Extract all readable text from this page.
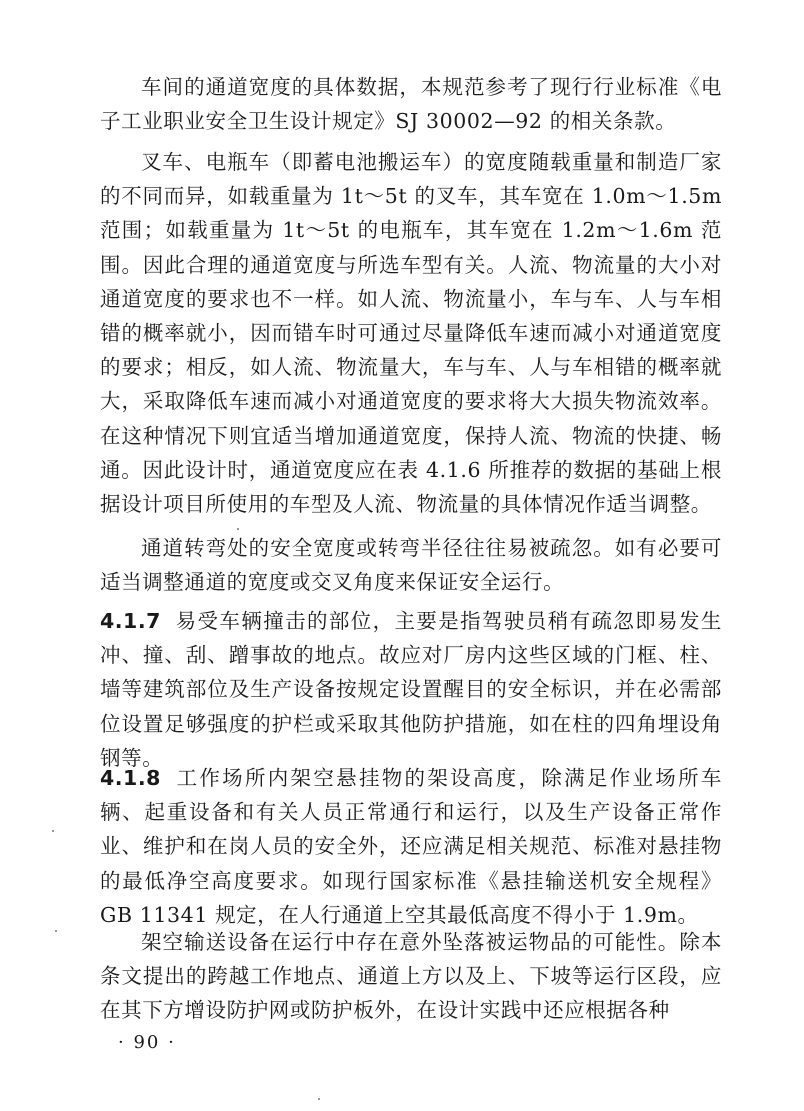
车间的通道宽度的具体数据，本规范参考了现行行业标准《电子工业职业安全卫生设计规定》SJ 30002—92 的相关条款。

叉车、电瓶车（即蓄电池搬运车）的宽度随载重量和制造厂家的不同而异，如载重量为 1t～5t 的叉车，其车宽在 1.0m～1.5m 范围；如载重量为 1t～5t 的电瓶车，其车宽在 1.2m～1.6m 范围。因此合理的通道宽度与所选车型有关。人流、物流量的大小对通道宽度的要求也不一样。如人流、物流量小，车与车、人与车相错的概率就小，因而错车时可通过尽量降低车速而减小对通道宽度的要求；相反，如人流、物流量大，车与车、人与车相错的概率就大，采取降低车速而减小对通道宽度的要求将大大损失物流效率。在这种情况下则宜适当增加通道宽度，保持人流、物流的快捷、畅通。因此设计时，通道宽度应在表 4.1.6 所推荐的数据的基础上根据设计项目所使用的车型及人流、物流量的具体情况作适当调整。

通道转弯处的安全宽度或转弯半径往往易被疏忽。如有必要可适当调整通道的宽度或交叉角度来保证安全运行。

4.1.7 易受车辆撞击的部位，主要是指驾驶员稍有疏忽即易发生冲、撞、刮、蹭事故的地点。故应对厂房内这些区域的门框、柱、墙等建筑部位及生产设备按规定设置醒目的安全标识，并在必需部位设置足够强度的护栏或采取其他防护措施，如在柱的四角埋设角钢等。

4.1.8 工作场所内架空悬挂物的架设高度，除满足作业场所车辆、起重设备和有关人员正常通行和运行，以及生产设备正常作业、维护和在岗人员的安全外，还应满足相关规范、标准对悬挂物的最低净空高度要求。如现行国家标准《悬挂输送机安全规程》GB 11341 规定，在人行通道上空其最低高度不得小于 1.9m。

架空输送设备在运行中存在意外坠落被运物品的可能性。除本条文提出的跨越工作地点、通道上方以及上、下坡等运行区段，应在其下方增设防护网或防护板外，在设计实践中还应根据各种

· 90 ·
